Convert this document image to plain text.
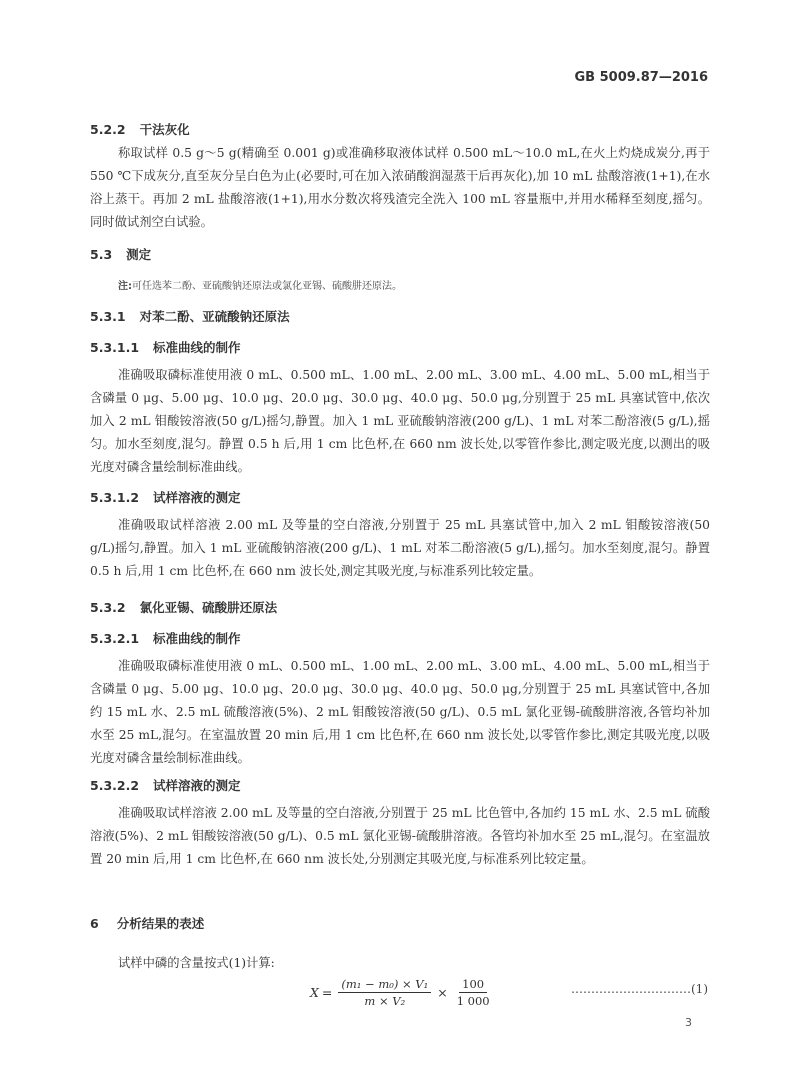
GB 5009.87—2016
5.2.2 干法灰化

称取试样 0.5 g～5 g(精确至 0.001 g)或准确移取液体试样 0.500 mL～10.0 mL,在火上灼烧成炭分,再于 550 ℃下成灰分,直至灰分呈白色为止(必要时,可在加入浓硝酸润湿蒸干后再灰化),加 10 mL 盐酸溶液(1+1),在水浴上蒸干。再加 2 mL 盐酸溶液(1+1),用水分数次将残渣完全洗入 100 mL 容量瓶中,并用水稀释至刻度,摇匀。同时做试剂空白试验。

5.3 测定
注:可任选苯二酚、亚硫酸钠还原法或氯化亚锡、硫酸肼还原法。
5.3.1 对苯二酚、亚硫酸钠还原法
5.3.1.1 标准曲线的制作

准确吸取磷标准使用液 0 mL、0.500 mL、1.00 mL、2.00 mL、3.00 mL、4.00 mL、5.00 mL,相当于含磷量 0 μg、5.00 μg、10.0 μg、20.0 μg、30.0 μg、40.0 μg、50.0 μg,分别置于 25 mL 具塞试管中,依次加入 2 mL 钼酸铵溶液(50 g/L)摇匀,静置。加入 1 mL 亚硫酸钠溶液(200 g/L)、1 mL 对苯二酚溶液(5 g/L),摇匀。加水至刻度,混匀。静置 0.5 h 后,用 1 cm 比色杯,在 660 nm 波长处,以零管作参比,测定吸光度,以测出的吸光度对磷含量绘制标准曲线。

5.3.1.2 试样溶液的测定

准确吸取试样溶液 2.00 mL 及等量的空白溶液,分别置于 25 mL 具塞试管中,加入 2 mL 钼酸铵溶液(50 g/L)摇匀,静置。加入 1 mL 亚硫酸钠溶液(200 g/L)、1 mL 对苯二酚溶液(5 g/L),摇匀。加水至刻度,混匀。静置 0.5 h 后,用 1 cm 比色杯,在 660 nm 波长处,测定其吸光度,与标准系列比较定量。

5.3.2 氯化亚锡、硫酸肼还原法
5.3.2.1 标准曲线的制作

准确吸取磷标准使用液 0 mL、0.500 mL、1.00 mL、2.00 mL、3.00 mL、4.00 mL、5.00 mL,相当于含磷量 0 μg、5.00 μg、10.0 μg、20.0 μg、30.0 μg、40.0 μg、50.0 μg,分别置于 25 mL 具塞试管中,各加约 15 mL 水、2.5 mL 硫酸溶液(5%)、2 mL 钼酸铵溶液(50 g/L)、0.5 mL 氯化亚锡-硫酸肼溶液,各管均补加水至 25 mL,混匀。在室温放置 20 min 后,用 1 cm 比色杯,在 660 nm 波长处,以零管作参比,测定其吸光度,以吸光度对磷含量绘制标准曲线。

5.3.2.2 试样溶液的测定

准确吸取试样溶液 2.00 mL 及等量的空白溶液,分别置于 25 mL 比色管中,各加约 15 mL 水、2.5 mL 硫酸溶液(5%)、2 mL 钼酸铵溶液(50 g/L)、0.5 mL 氯化亚锡-硫酸肼溶液。各管均补加水至 25 mL,混匀。在室温放置 20 min 后,用 1 cm 比色杯,在 660 nm 波长处,分别测定其吸光度,与标准系列比较定量。

6 分析结果的表述
试样中磷的含量按式(1)计算:
$X = \frac{\text{(m₁ − m₀) × V₁}}{\text{m × V₂}} \times \frac{100}{1 000}$	…………………………(1)
3
